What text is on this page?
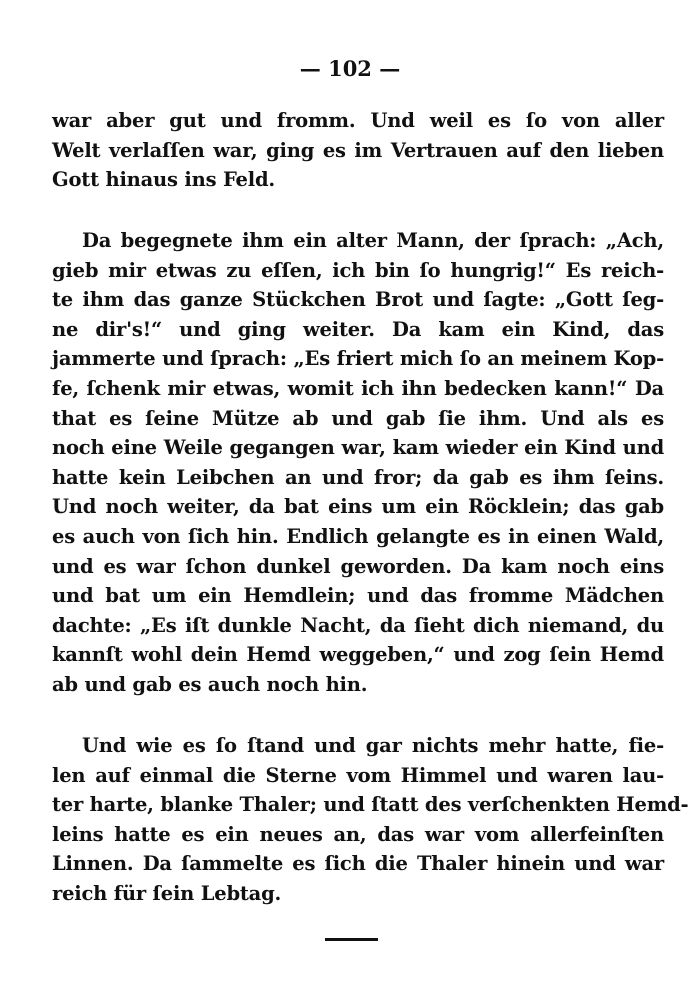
— 102 —
war aber gut und fromm. Und weil es ſo von aller
Welt verlaſſen war, ging es im Vertrauen auf den lieben
Gott hinaus ins Feld.
Da begegnete ihm ein alter Mann, der ſprach: „Ach,
gieb mir etwas zu eſſen, ich bin ſo hungrig!“ Es reich-
te ihm das ganze Stückchen Brot und ſagte: „Gott ſeg-
ne dir's!“ und ging weiter. Da kam ein Kind, das
jammerte und ſprach: „Es friert mich ſo an meinem Kop-
fe, ſchenk mir etwas, womit ich ihn bedecken kann!“ Da
that es ſeine Mütze ab und gab ſie ihm. Und als es
noch eine Weile gegangen war, kam wieder ein Kind und
hatte kein Leibchen an und fror; da gab es ihm ſeins.
Und noch weiter, da bat eins um ein Röcklein; das gab
es auch von ſich hin. Endlich gelangte es in einen Wald,
und es war ſchon dunkel geworden. Da kam noch eins
und bat um ein Hemdlein; und das fromme Mädchen
dachte: „Es iſt dunkle Nacht, da ſieht dich niemand, du
kannſt wohl dein Hemd weggeben,“ und zog ſein Hemd
ab und gab es auch noch hin.
Und wie es ſo ſtand und gar nichts mehr hatte, fie-
len auf einmal die Sterne vom Himmel und waren lau-
ter harte, blanke Thaler; und ſtatt des verſchenkten Hemd-
leins hatte es ein neues an, das war vom allerfeinſten
Linnen. Da ſammelte es ſich die Thaler hinein und war
reich für ſein Lebtag.
